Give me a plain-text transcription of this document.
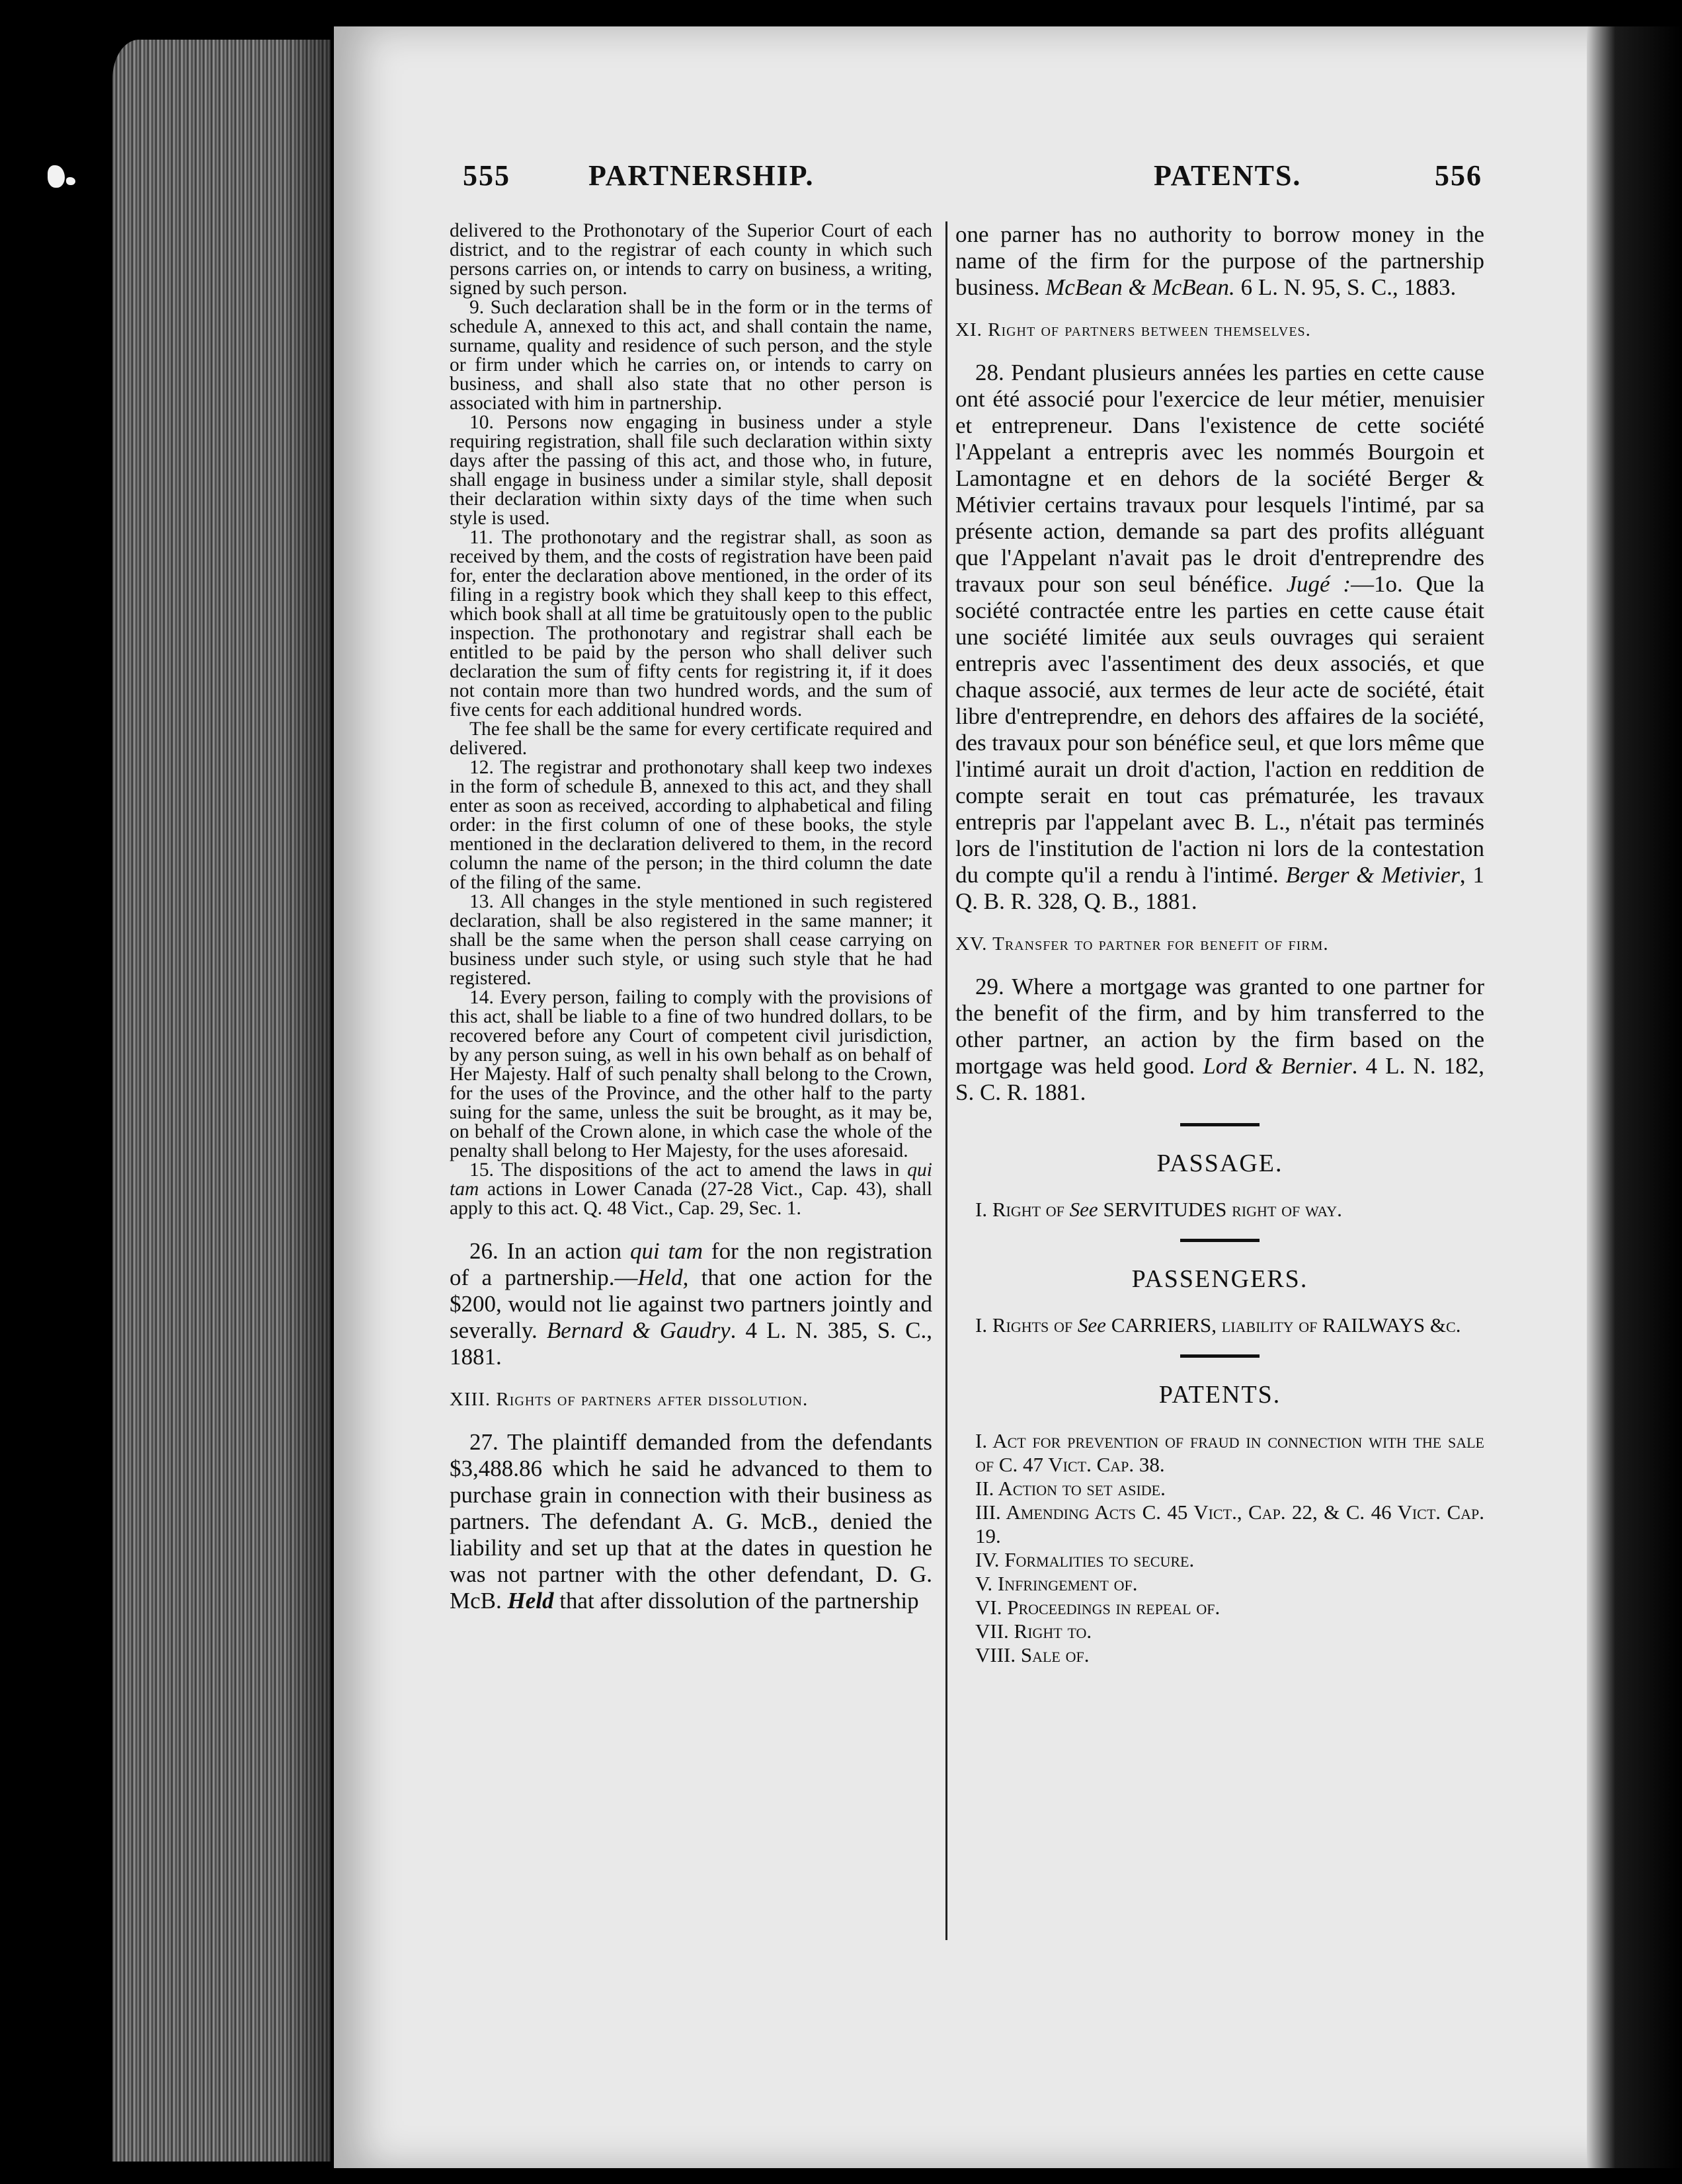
555	PARTNERSHIP.	PATENTS.	556

delivered to the Prothonotary of the Superior Court of each district, and to the registrar of each county in which such persons carries on, or intends to carry on business, a writing, signed by such person.

9. Such declaration shall be in the form or in the terms of schedule A, annexed to this act, and shall contain the name, surname, quality and residence of such person, and the style or firm under which he carries on, or intends to carry on business, and shall also state that no other person is associated with him in partnership.

10. Persons now engaging in business under a style requiring registration, shall file such declaration within sixty days after the passing of this act, and those who, in future, shall engage in business under a similar style, shall deposit their declaration within sixty days of the time when such style is used.

11. The prothonotary and the registrar shall, as soon as received by them, and the costs of registration have been paid for, enter the declaration above mentioned, in the order of its filing in a registry book which they shall keep to this effect, which book shall at all time be gratuitously open to the public inspection. The prothonotary and registrar shall each be entitled to be paid by the person who shall deliver such declaration the sum of fifty cents for registring it, if it does not contain more than two hundred words, and the sum of five cents for each additional hundred words.

The fee shall be the same for every certificate required and delivered.

12. The registrar and prothonotary shall keep two indexes in the form of schedule B, annexed to this act, and they shall enter as soon as received, according to alphabetical and filing order: in the first column of one of these books, the style mentioned in the declaration delivered to them, in the record column the name of the person; in the third column the date of the filing of the same.

13. All changes in the style mentioned in such registered declaration, shall be also registered in the same manner; it shall be the same when the person shall cease carrying on business under such style, or using such style that he had registered.

14. Every person, failing to comply with the provisions of this act, shall be liable to a fine of two hundred dollars, to be recovered before any Court of competent civil jurisdiction, by any person suing, as well in his own behalf as on behalf of Her Majesty. Half of such penalty shall belong to the Crown, for the uses of the Province, and the other half to the party suing for the same, unless the suit be brought, as it may be, on behalf of the Crown alone, in which case the whole of the penalty shall belong to Her Majesty, for the uses aforesaid.

15. The dispositions of the act to amend the laws in qui tam actions in Lower Canada (27-28 Vict., Cap. 43), shall apply to this act. Q. 48 Vict., Cap. 29, Sec. 1.

26. In an action qui tam for the non registration of a partnership.—Held, that one action for the $200, would not lie against two partners jointly and severally. Bernard & Gaudry. 4 L. N. 385, S. C., 1881.

XIII. Rights of partners after dissolution.

27. The plaintiff demanded from the defendants $3,488.86 which he said he advanced to them to purchase grain in connection with their business as partners. The defendant A. G. McB., denied the liability and set up that at the dates in question he was not partner with the other defendant, D. G. McB. Held that after dissolution of the partnership

one parner has no authority to borrow money in the name of the firm for the purpose of the partnership business. McBean & McBean. 6 L. N. 95, S. C., 1883.

XI. Right of partners between themselves.

28. Pendant plusieurs années les parties en cette cause ont été associé pour l'exercice de leur métier, menuisier et entrepreneur. Dans l'existence de cette société l'Appelant a entrepris avec les nommés Bourgoin et Lamontagne et en dehors de la société Berger & Métivier certains travaux pour lesquels l'intimé, par sa présente action, demande sa part des profits alléguant que l'Appelant n'avait pas le droit d'entreprendre des travaux pour son seul bénéfice. Jugé :—1o. Que la société contractée entre les parties en cette cause était une société limitée aux seuls ouvrages qui seraient entrepris avec l'assentiment des deux associés, et que chaque associé, aux termes de leur acte de société, était libre d'entreprendre, en dehors des affaires de la société, des travaux pour son bénéfice seul, et que lors même que l'intimé aurait un droit d'action, l'action en reddition de compte serait en tout cas prématurée, les travaux entrepris par l'appelant avec B. L., n'était pas terminés lors de l'institution de l'action ni lors de la contestation du compte qu'il a rendu à l'intimé. Berger & Metivier, 1 Q. B. R. 328, Q. B., 1881.

XV. Transfer to partner for benefit of firm.

29. Where a mortgage was granted to one partner for the benefit of the firm, and by him transferred to the other partner, an action by the firm based on the mortgage was held good. Lord & Bernier. 4 L. N. 182, S. C. R. 1881.

PASSAGE.
I. Right of See SERVITUDES right of way.
PASSENGERS.
I. Rights of See CARRIERS, liability of RAILWAYS &c.
PATENTS.
I. Act for prevention of fraud in connection with the sale of C. 47 Vict. Cap. 38.
II. Action to set aside.
III. Amending Acts C. 45 Vict., Cap. 22, & C. 46 Vict. Cap. 19.
IV. Formalities to secure.
V. Infringement of.
VI. Proceedings in repeal of.
VII. Right to.
VIII. Sale of.
